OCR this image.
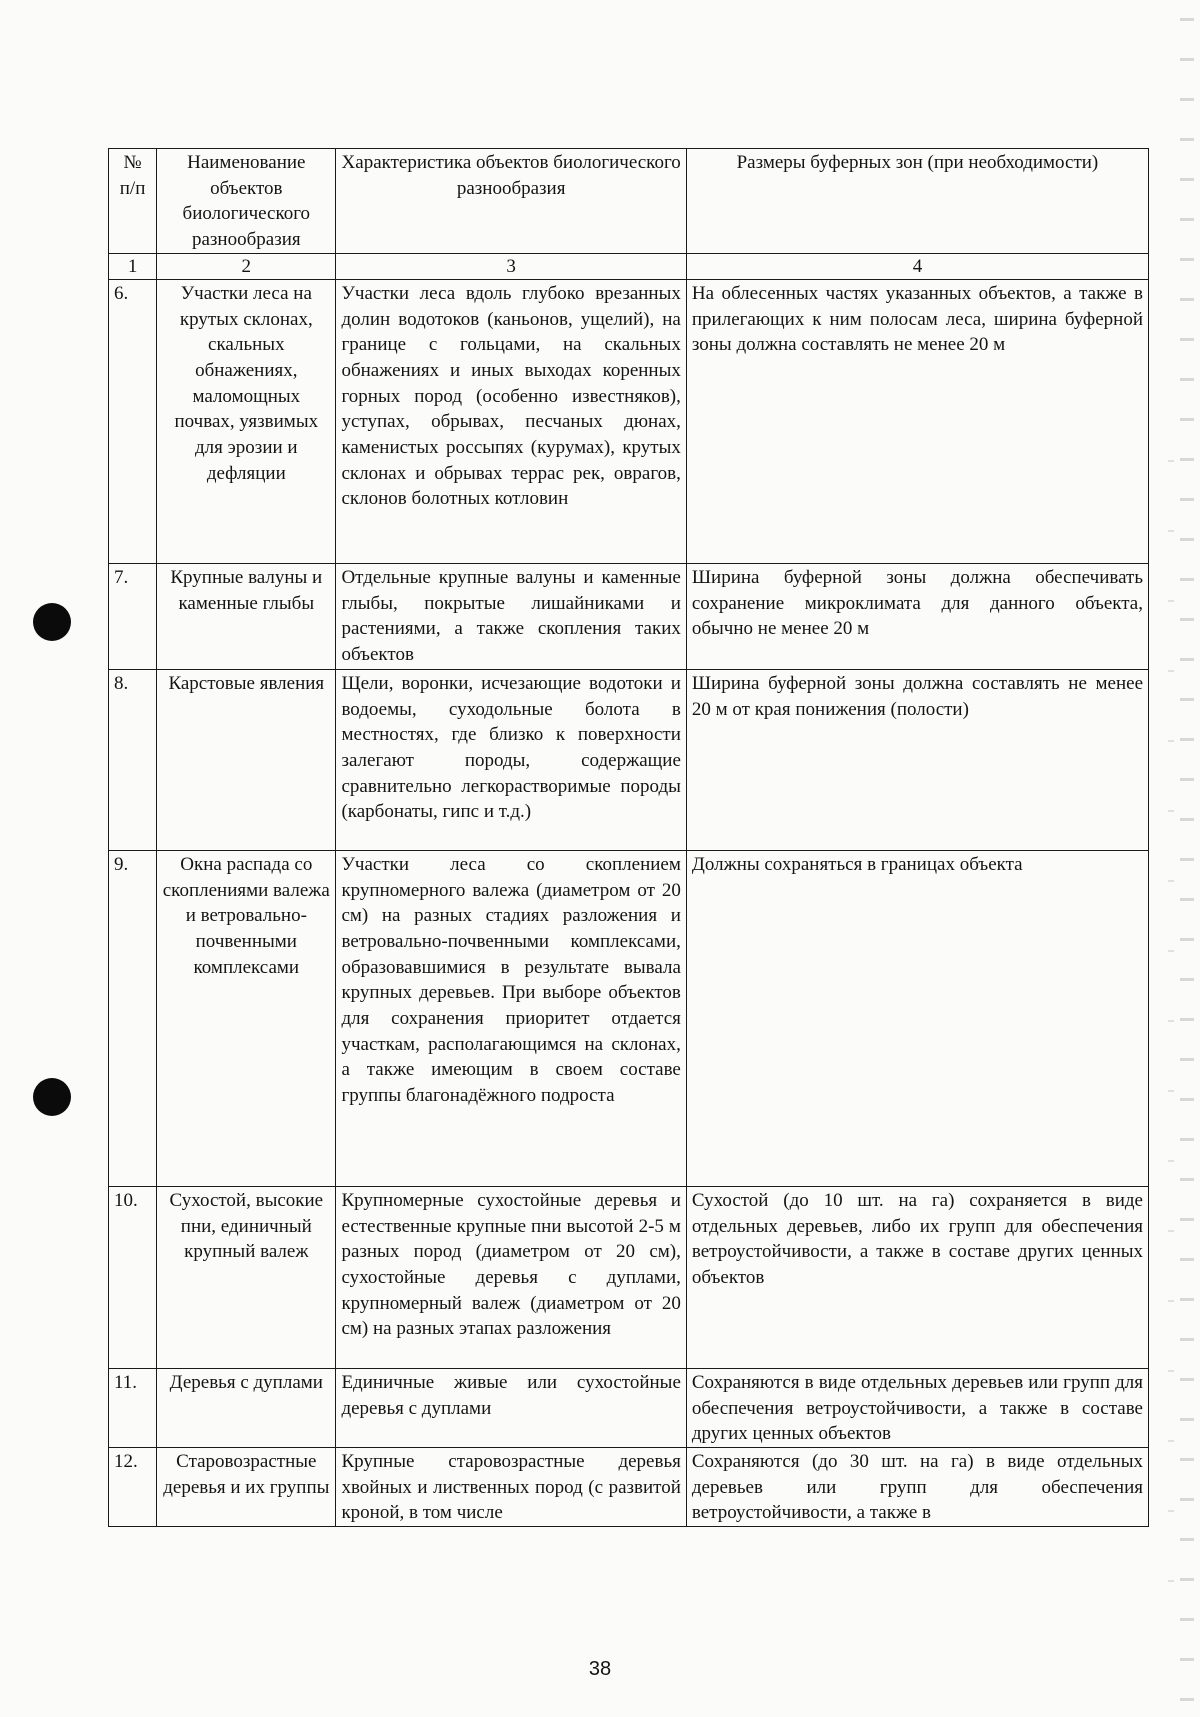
№ п/п	Наименование объектов биологического разнообразия	Характеристика объектов биологического разнообразия	Размеры буферных зон (при необходимости)
1	2	3	4
6.	Участки леса на крутых склонах, скальных обнажениях, маломощных почвах, уязвимых для эрозии и дефляции	Участки леса вдоль глубоко врезанных долин водотоков (каньонов, ущелий), на границе с гольцами, на скальных обнажениях и иных выходах коренных горных пород (особенно известняков), уступах, обрывах, песчаных дюнах, каменистых россыпях (курумах), крутых склонах и обрывах террас рек, оврагов, склонов болотных котловин	На облесенных частях указанных объектов, а также в прилегающих к ним полосам леса, ширина буферной зоны должна составлять не менее 20 м
7.	Крупные валуны и каменные глыбы	Отдельные крупные валуны и каменные глыбы, покрытые лишайниками и растениями, а также скопления таких объектов	Ширина буферной зоны должна обеспечивать сохранение микроклимата для данного объекта, обычно не менее 20 м
8.	Карстовые явления	Щели, воронки, исчезающие водотоки и водоемы, суходольные болота в местностях, где близко к поверхности залегают породы, содержащие сравнительно легкорастворимые породы (карбонаты, гипс и т.д.)	Ширина буферной зоны должна составлять не менее 20 м от края понижения (полости)
9.	Окна распада со скоплениями валежа и ветровально-почвенными комплексами	Участки леса со скоплением крупномерного валежа (диаметром от 20 см) на разных стадиях разложения и ветровально-почвенными комплексами, образовавшимися в результате вывала крупных деревьев. При выборе объектов для сохранения приоритет отдается участкам, располагающимся на склонах, а также имеющим в своем составе группы благонадёжного подроста	Должны сохраняться в границах объекта
10.	Сухостой, высокие пни, единичный крупный валеж	Крупномерные сухостойные деревья и естественные крупные пни высотой 2-5 м разных пород (диаметром от 20 см), сухостойные деревья с дуплами, крупномерный валеж (диаметром от 20 см) на разных этапах разложения	Сухостой (до 10 шт. на га) сохраняется в виде отдельных деревьев, либо их групп для обеспечения ветроустойчивости, а также в составе других ценных объектов
11.	Деревья с дуплами	Единичные живые или сухостойные деревья с дуплами	Сохраняются в виде отдельных деревьев или групп для обеспечения ветроустойчивости, а также в составе других ценных объектов
12.	Старовозрастные деревья и их группы	Крупные старовозрастные деревья хвойных и лиственных пород (с развитой кроной, в том числе	Сохраняются (до 30 шт. на га) в виде отдельных деревьев или групп для обеспечения ветроустойчивости, а также в
38
